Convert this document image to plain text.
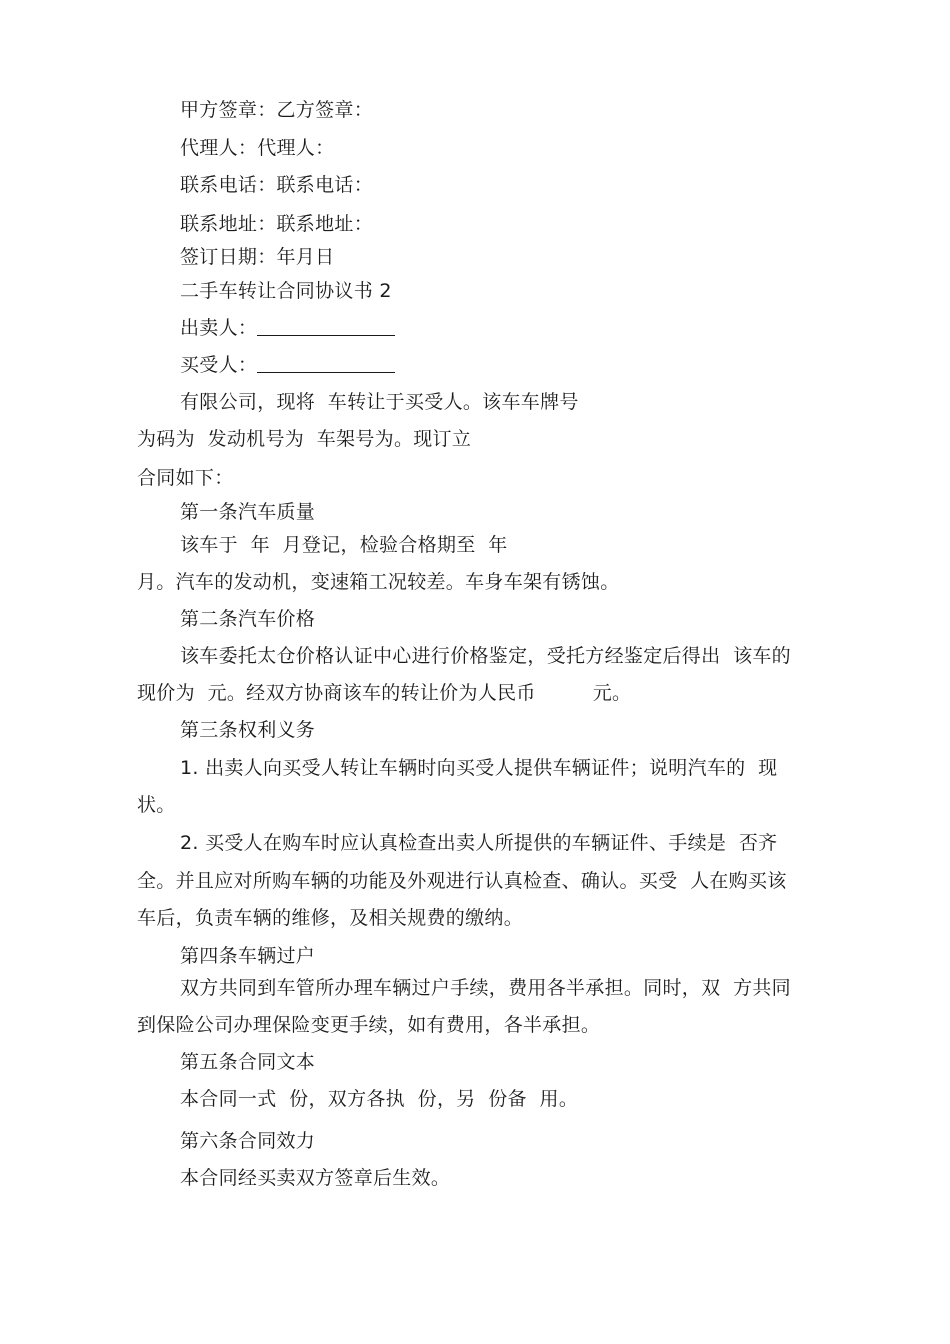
甲方签章：乙方签章：
代理人：代理人：
联系电话：联系电话：
联系地址：联系地址：
签订日期：年月日
二手车转让合同协议书 2
出卖人：
买受人：
有限公司，现将  车转让于买受人。该车车牌号
为码为  发动机号为  车架号为。现订立
合同如下：
第一条汽车质量
该车于  年  月登记，检验合格期至  年
月。汽车的发动机，变速箱工况较差。车身车架有锈蚀。
第二条汽车价格
该车委托太仓价格认证中心进行价格鉴定，受托方经鉴定后得出  该车的
现价为  元。经双方协商该车的转让价为人民币         元。
第三条权利义务
1. 出卖人向买受人转让车辆时向买受人提供车辆证件；说明汽车的  现
状。
2. 买受人在购车时应认真检查出卖人所提供的车辆证件、手续是  否齐
全。并且应对所购车辆的功能及外观进行认真检查、确认。买受  人在购买该
车后，负责车辆的维修，及相关规费的缴纳。
第四条车辆过户
双方共同到车管所办理车辆过户手续，费用各半承担。同时，双  方共同
到保险公司办理保险变更手续，如有费用，各半承担。
第五条合同文本
本合同一式  份，双方各执  份，另  份备  用。
第六条合同效力
本合同经买卖双方签章后生效。
